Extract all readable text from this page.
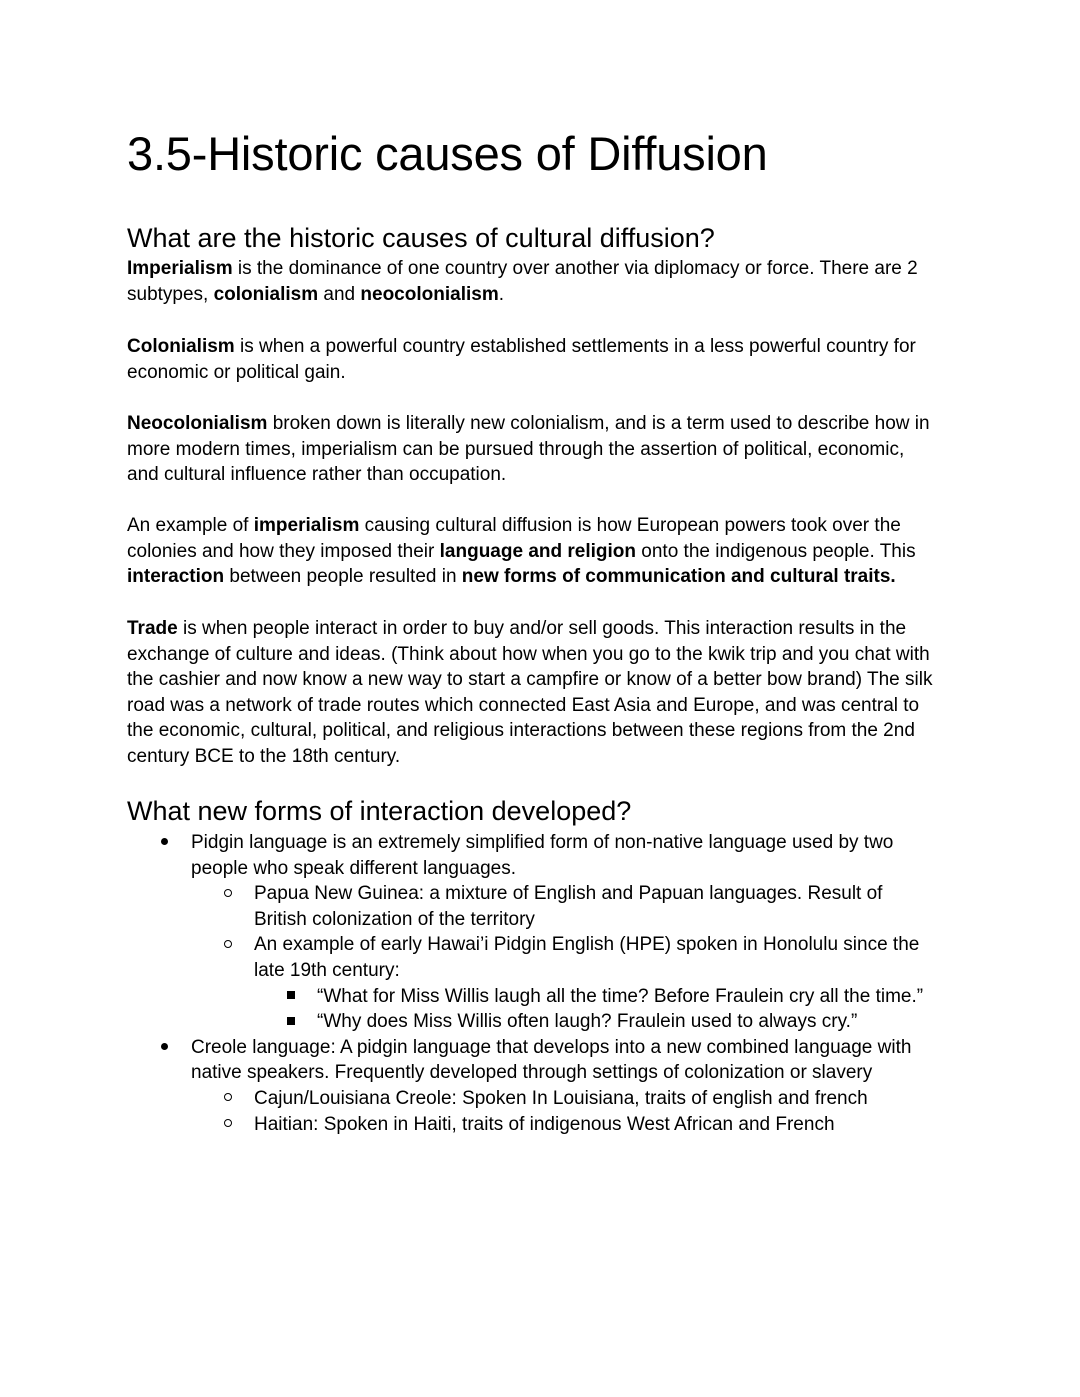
3.5-Historic causes of Diffusion
What are the historic causes of cultural diffusion?

Imperialism is the dominance of one country over another via diplomacy or force. There are 2
subtypes, colonialism and neocolonialism.

Colonialism is when a powerful country established settlements in a less powerful country for
economic or political gain.

Neocolonialism broken down is literally new colonialism, and is a term used to describe how in
more modern times, imperialism can be pursued through the assertion of political, economic,
and cultural influence rather than occupation.

An example of imperialism causing cultural diffusion is how European powers took over the
colonies and how they imposed their language and religion onto the indigenous people. This
interaction between people resulted in new forms of communication and cultural traits.

Trade is when people interact in order to buy and/or sell goods. This interaction results in the
exchange of culture and ideas. (Think about how when you go to the kwik trip and you chat with
the cashier and now know a new way to start a campfire or know of a better bow brand) The silk
road was a network of trade routes which connected East Asia and Europe, and was central to
the economic, cultural, political, and religious interactions between these regions from the 2nd
century BCE to the 18th century.

What new forms of interaction developed?
Pidgin language is an extremely simplified form of non-native language used by two
people who speak different languages.
Papua New Guinea: a mixture of English and Papuan languages. Result of
British colonization of the territory
An example of early Hawai’i Pidgin English (HPE) spoken in Honolulu since the
late 19th century:
“What for Miss Willis laugh all the time? Before Fraulein cry all the time.”
“Why does Miss Willis often laugh? Fraulein used to always cry.”
Creole language: A pidgin language that develops into a new combined language with
native speakers. Frequently developed through settings of colonization or slavery
Cajun/Louisiana Creole: Spoken In Louisiana, traits of english and french
Haitian: Spoken in Haiti, traits of indigenous West African and French
